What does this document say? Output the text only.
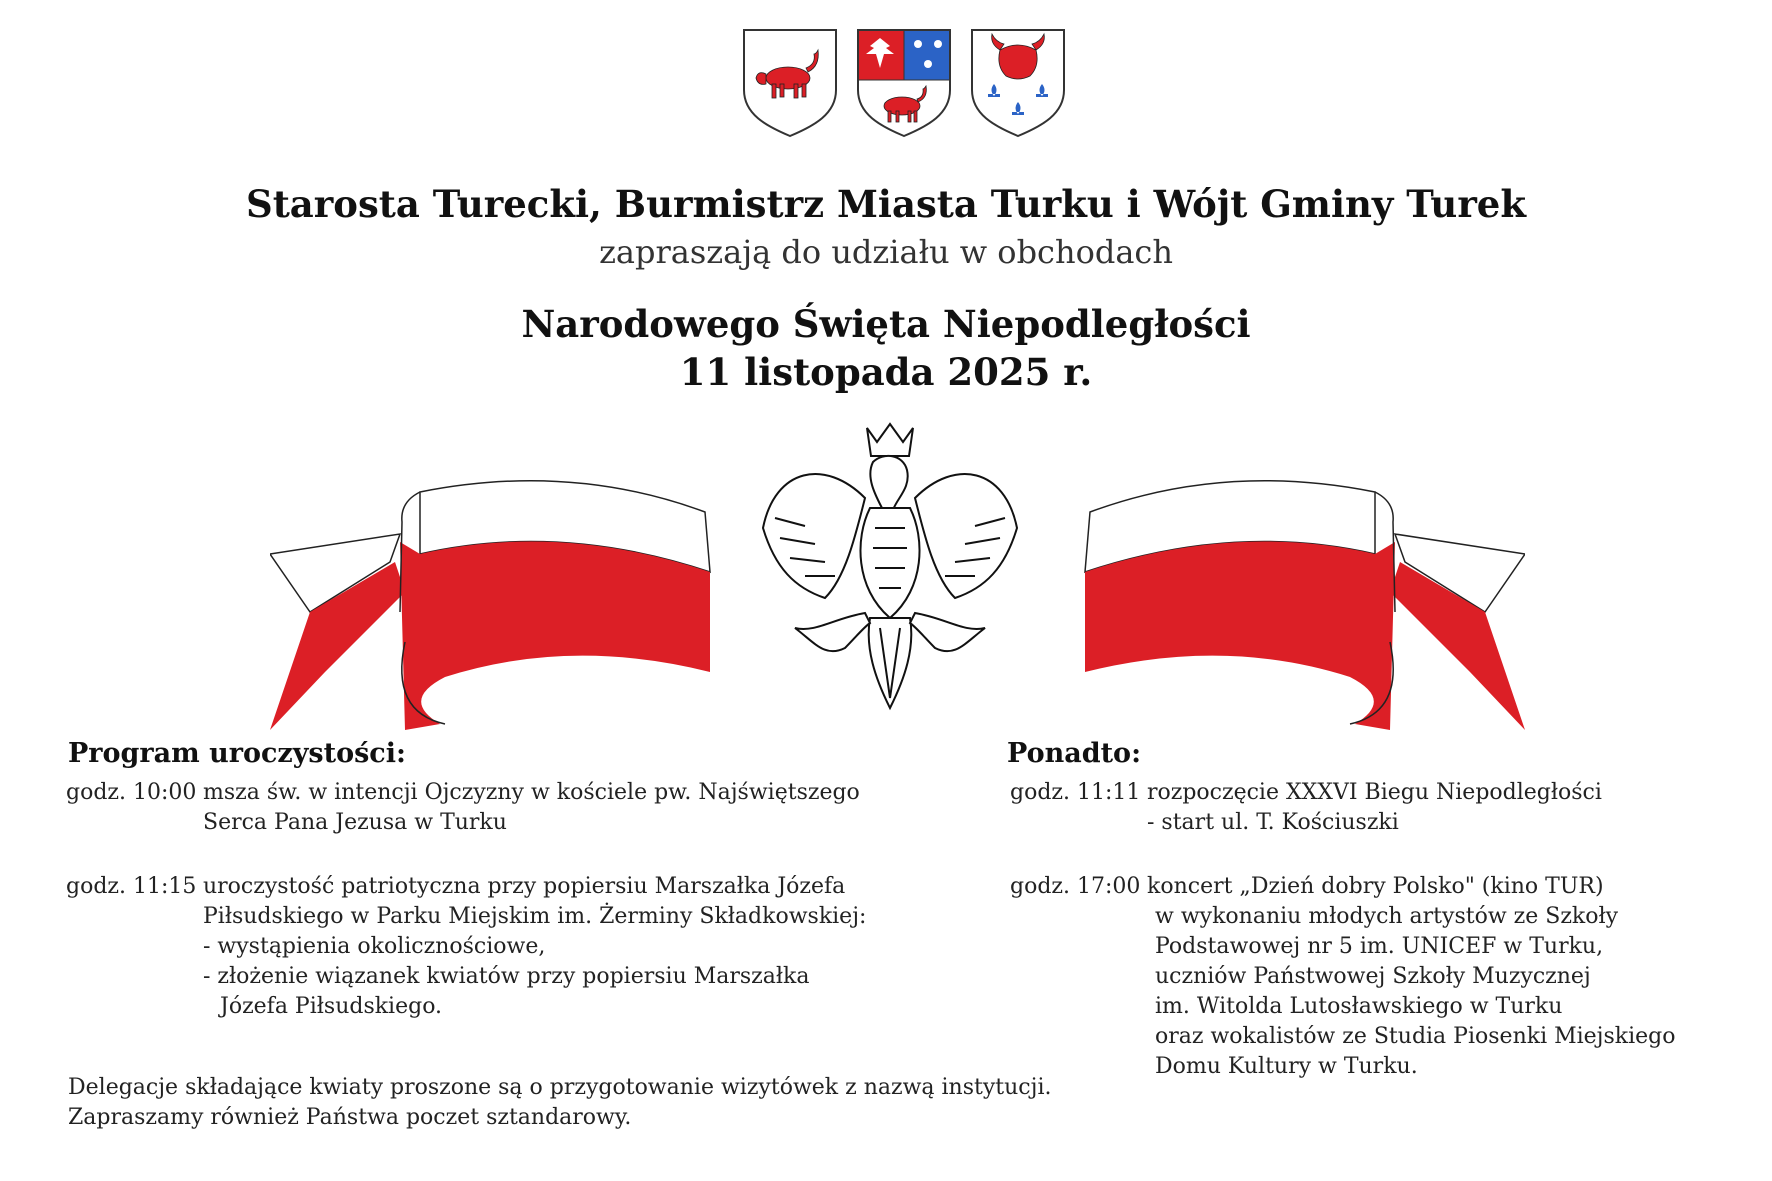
Starosta Turecki, Burmistrz Miasta Turku i Wójt Gminy Turek
zapraszają do udziału w obchodach
Narodowego Święta Niepodległości
11 listopada 2025 r.
Program uroczystości:
godz. 10:00 msza św. w intencji Ojczyzny w kościele pw. Najświętszego
Serca Pana Jezusa w Turku
godz. 11:15 uroczystość patriotyczna przy popiersiu Marszałka Józefa
Piłsudskiego w Parku Miejskim im. Żerminy Składkowskiej:
- wystąpienia okolicznościowe,
- złożenie wiązanek kwiatów przy popiersiu Marszałka
Józefa Piłsudskiego.
Delegacje składające kwiaty proszone są o przygotowanie wizytówek z nazwą instytucji.
Zapraszamy również Państwa poczet sztandarowy.
Ponadto:
godz. 11:11 rozpoczęcie XXXVI Biegu Niepodległości
- start ul. T. Kościuszki
godz. 17:00 koncert „Dzień dobry Polsko" (kino TUR)
w wykonaniu młodych artystów ze Szkoły
Podstawowej nr 5 im. UNICEF w Turku,
uczniów Państwowej Szkoły Muzycznej
im. Witolda Lutosławskiego w Turku
oraz wokalistów ze Studia Piosenki Miejskiego
Domu Kultury w Turku.
